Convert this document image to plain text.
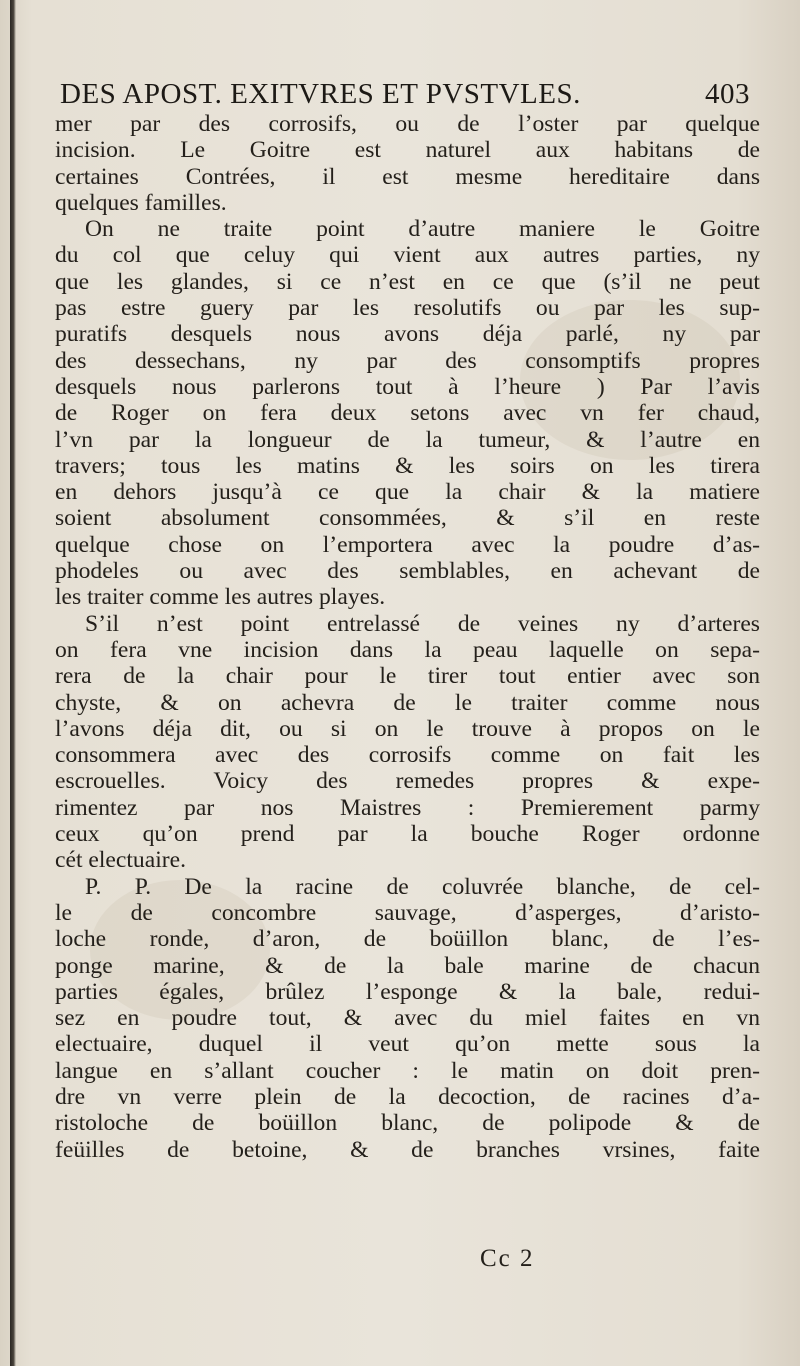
DES APOST. EXITVRES ET PVSTVLES.	403
mer par des corrosifs, ou de l’oster par quelque
incision. Le Goitre est naturel aux habitans de
certaines Contrées, il est mesme hereditaire dans
quelques familles.
On ne traite point d’autre maniere le Goitre
du col que celuy qui vient aux autres parties, ny
que les glandes, si ce n’est en ce que (s’il ne peut
pas estre guery par les resolutifs ou par les sup-
puratifs desquels nous avons déja parlé, ny par
des dessechans, ny par des consomptifs propres
desquels nous parlerons tout à l’heure ) Par l’avis
de Roger on fera deux setons avec vn fer chaud,
l’vn par la longueur de la tumeur, & l’autre en
travers; tous les matins & les soirs on les tirera
en dehors jusqu’à ce que la chair & la matiere
soient absolument consommées, & s’il en reste
quelque chose on l’emportera avec la poudre d’as-
phodeles ou avec des semblables, en achevant de
les traiter comme les autres playes.
S’il n’est point entrelassé de veines ny d’arteres
on fera vne incision dans la peau laquelle on sepa-
rera de la chair pour le tirer tout entier avec son
chyste, & on achevra de le traiter comme nous
l’avons déja dit, ou si on le trouve à propos on le
consommera avec des corrosifs comme on fait les
escrouelles. Voicy des remedes propres & expe-
rimentez par nos Maistres : Premierement parmy
ceux qu’on prend par la bouche Roger ordonne
cét electuaire.
P. P. De la racine de coluvrée blanche, de cel-
le de concombre sauvage, d’asperges, d’aristo-
loche ronde, d’aron, de boüillon blanc, de l’es-
ponge marine, & de la bale marine de chacun
parties égales, brûlez l’esponge & la bale, redui-
sez en poudre tout, & avec du miel faites en vn
electuaire, duquel il veut qu’on mette sous la
langue en s’allant coucher : le matin on doit pren-
dre vn verre plein de la decoction, de racines d’a-
ristoloche de boüillon blanc, de polipode & de
feüilles de betoine, & de branches vrsines, faite
Cc 2
